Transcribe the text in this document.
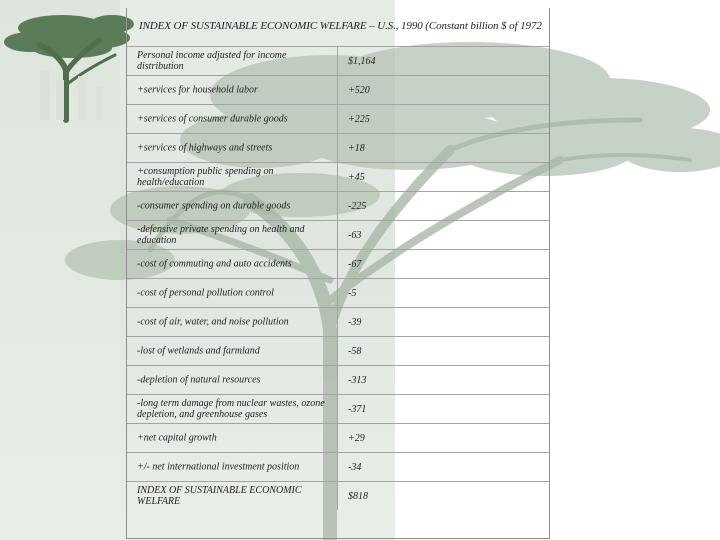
INDEX OF SUSTAINABLE ECONOMIC WELFARE – U.S., 1990 (Constant billion $ of 1972
Personal income adjusted for income distribution	$1,164
+services for household labor	+520
+services of consumer durable goods	+225
+services of highways and streets	+18
+consumption public spending on health/education	+45
-consumer spending on durable goods	-225
-defensive private spending on health and education	-63
-cost of commuting and auto accidents	-67
-cost of personal pollution control	-5
-cost of air, water, and noise pollution	-39
-lost of wetlands and farmland	-58
-depletion of natural resources	-313
-long term damage from nuclear wastes, ozone depletion, and greenhouse gases	-371
+net capital growth	+29
+/- net international investment position	-34
INDEX OF SUSTAINABLE ECONOMIC WELFARE	$818
